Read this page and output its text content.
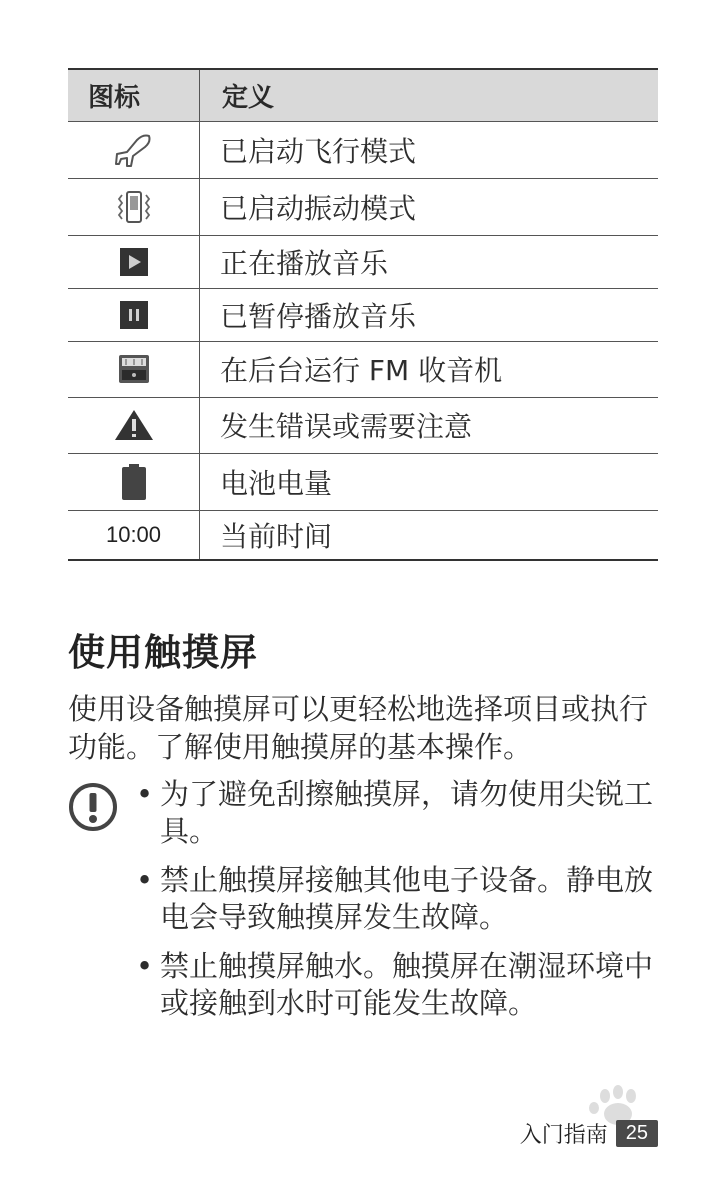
图标	定义
	已启动飞行模式
	已启动振动模式
	正在播放音乐
	已暂停播放音乐
	在后台运行 FM 收音机
	发生错误或需要注意
	电池电量
10:00	当前时间
使用触摸屏

使用设备触摸屏可以更轻松地选择项目或执行功能。了解使用触摸屏的基本操作。

• 为了避免刮擦触摸屏，请勿使用尖锐工具。
• 禁止触摸屏接触其他电子设备。静电放电会导致触摸屏发生故障。
• 禁止触摸屏触水。触摸屏在潮湿环境中或接触到水时可能发生故障。
入门指南 25
